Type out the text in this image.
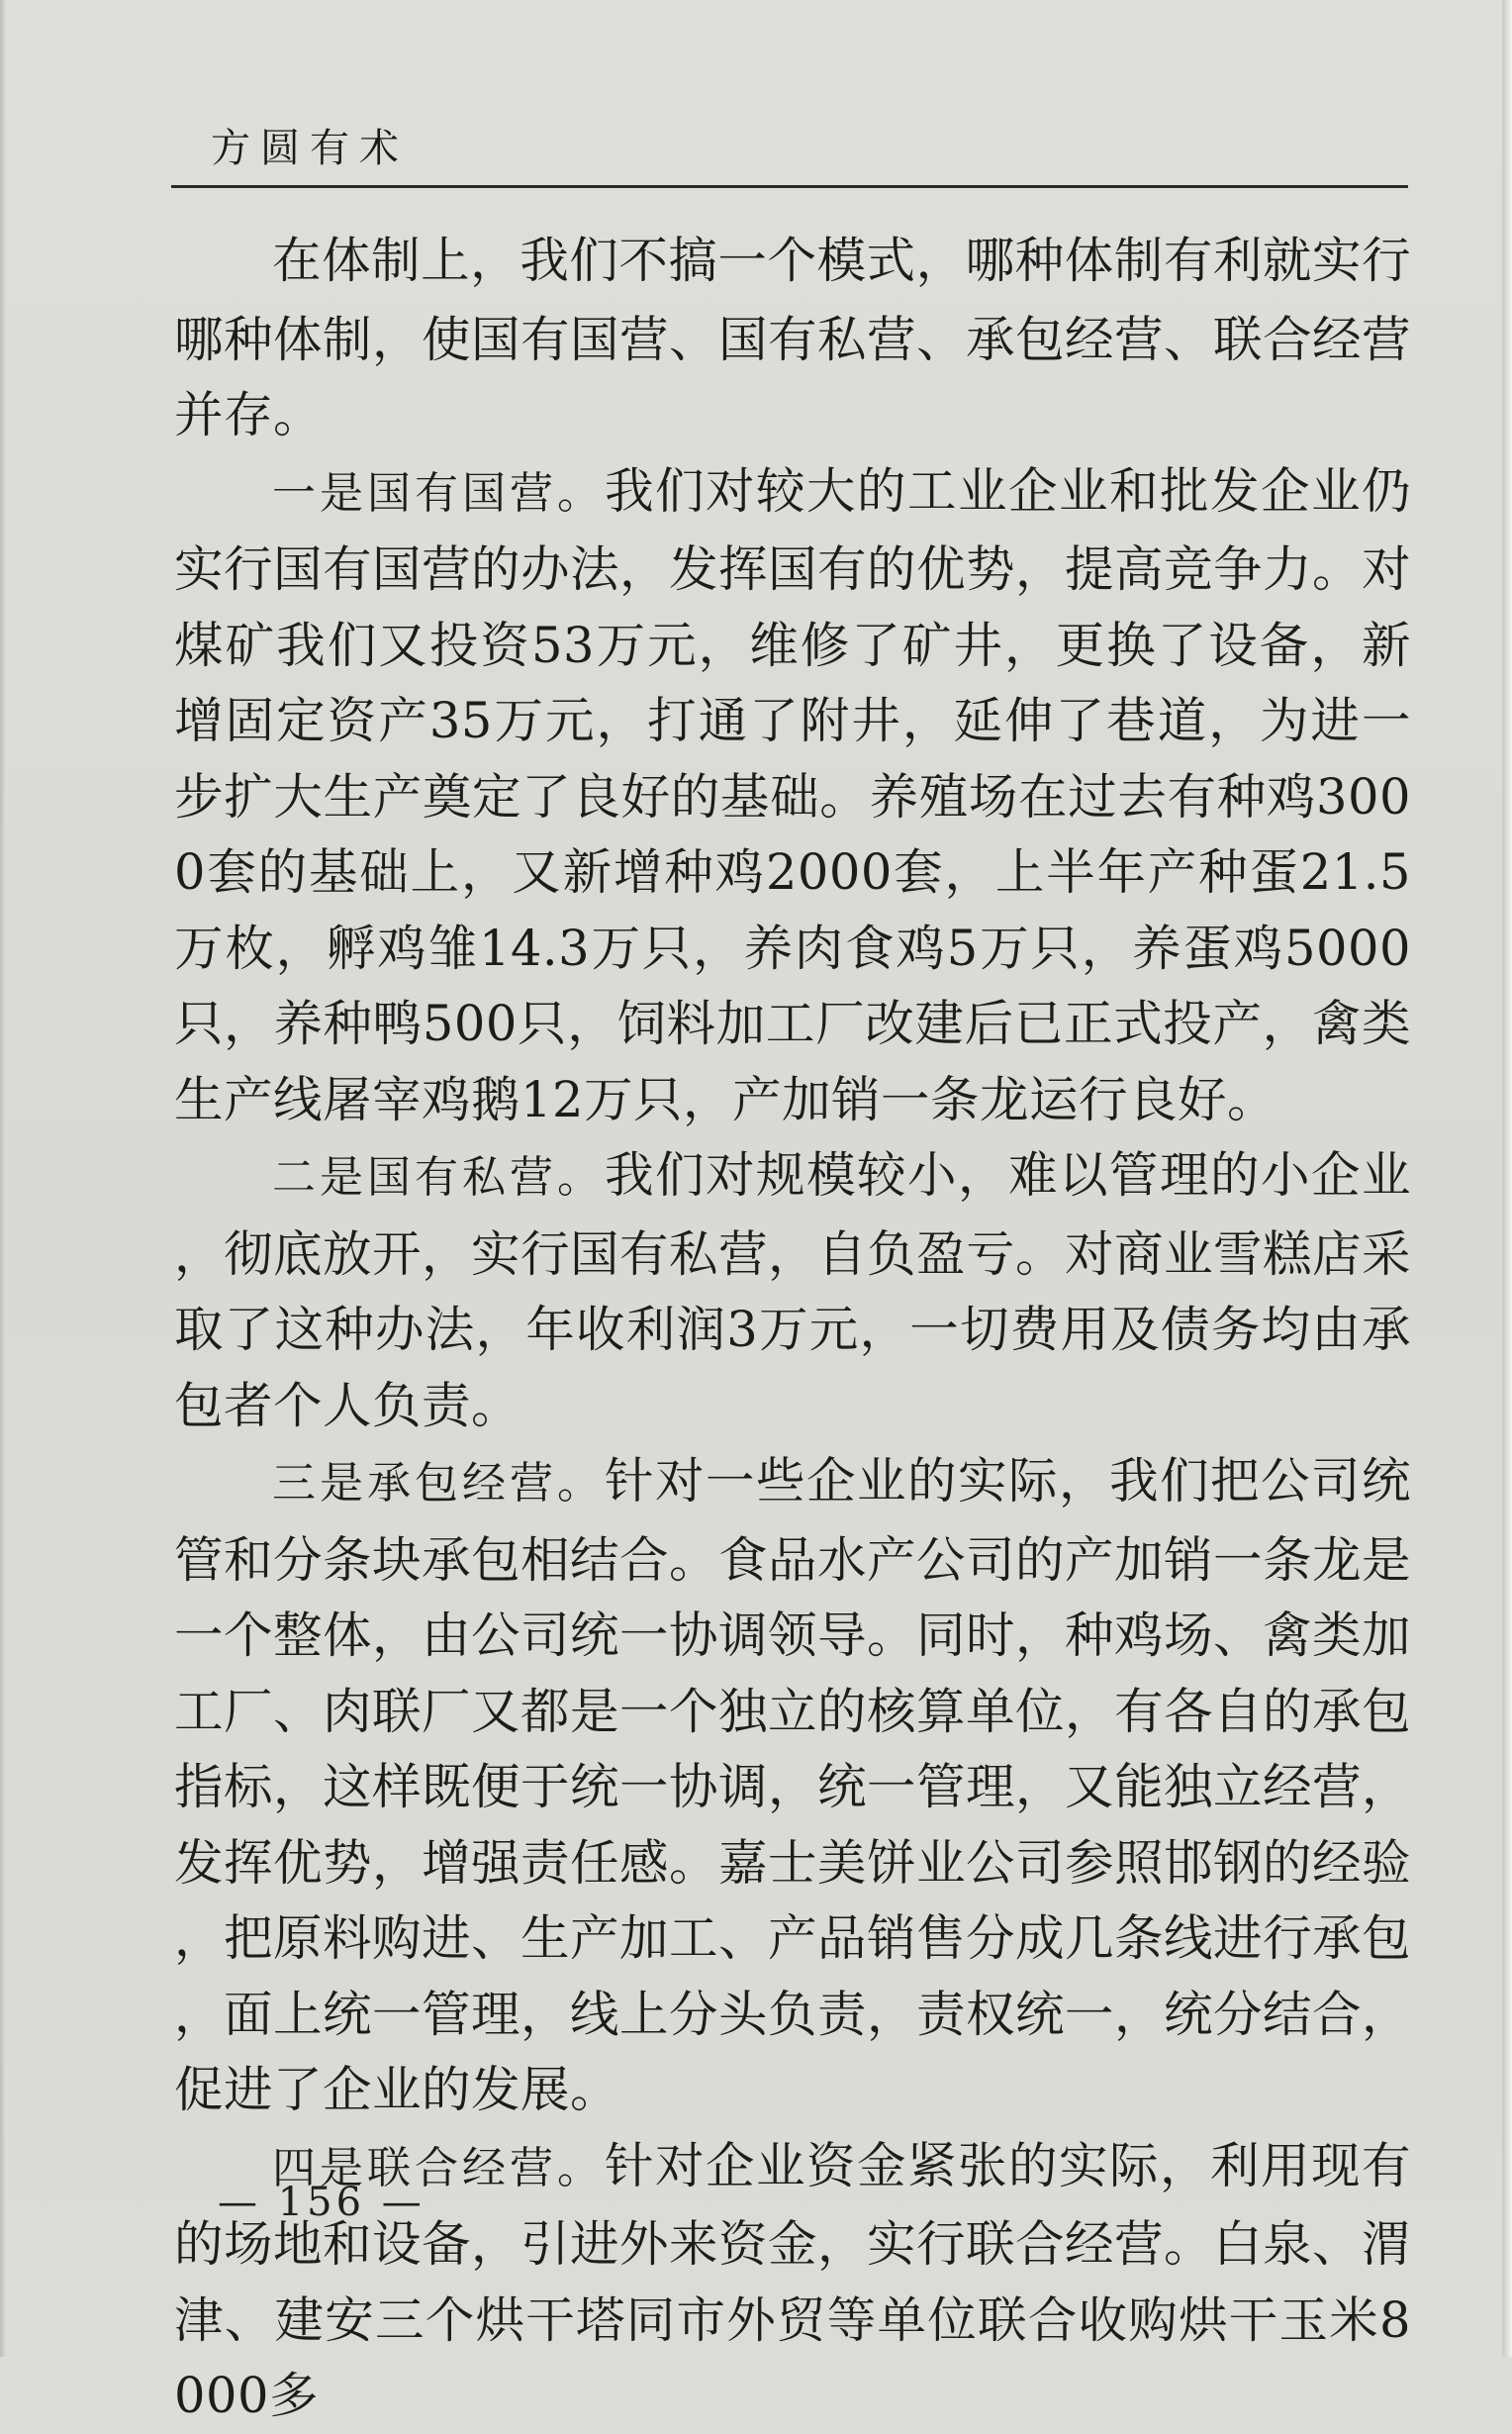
方圆有术

在体制上，我们不搞一个模式，哪种体制有利就实行哪种体制，使国有国营、国有私营、承包经营、联合经营并存。

一是国有国营。我们对较大的工业企业和批发企业仍实行国有国营的办法，发挥国有的优势，提高竞争力。对煤矿我们又投资53万元，维修了矿井，更换了设备，新增固定资产35万元，打通了附井，延伸了巷道，为进一步扩大生产奠定了良好的基础。养殖场在过去有种鸡3000套的基础上，又新增种鸡2000套，上半年产种蛋21.5万枚，孵鸡雏14.3万只，养肉食鸡5万只，养蛋鸡5000只，养种鸭500只，饲料加工厂改建后已正式投产，禽类生产线屠宰鸡鹅12万只，产加销一条龙运行良好。

二是国有私营。我们对规模较小，难以管理的小企业，彻底放开，实行国有私营，自负盈亏。对商业雪糕店采取了这种办法，年收利润3万元，一切费用及债务均由承包者个人负责。

三是承包经营。针对一些企业的实际，我们把公司统管和分条块承包相结合。食品水产公司的产加销一条龙是一个整体，由公司统一协调领导。同时，种鸡场、禽类加工厂、肉联厂又都是一个独立的核算单位，有各自的承包指标，这样既便于统一协调，统一管理，又能独立经营，发挥优势，增强责任感。嘉士美饼业公司参照邯钢的经验，把原料购进、生产加工、产品销售分成几条线进行承包，面上统一管理，线上分头负责，责权统一，统分结合，促进了企业的发展。

四是联合经营。针对企业资金紧张的实际，利用现有的场地和设备，引进外来资金，实行联合经营。白泉、渭津、建安三个烘干塔同市外贸等单位联合收购烘干玉米8000多

— 156 —
